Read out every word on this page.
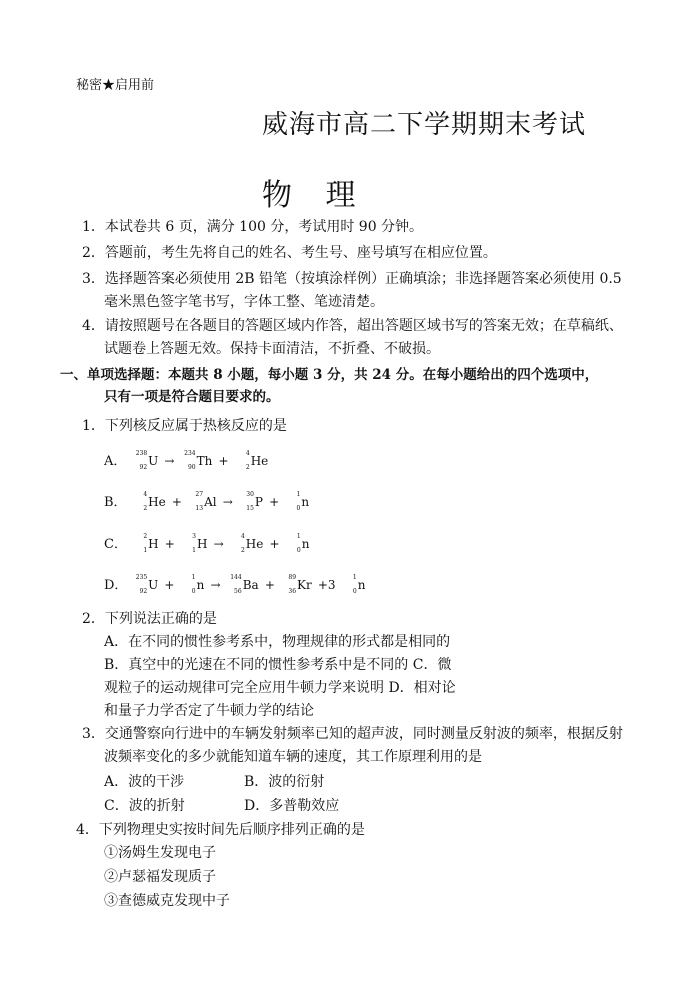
秘密★启用前
威海市高二下学期期末考试
物 理
1．本试卷共 6 页，满分 100 分，考试用时 90 分钟。
2．答题前，考生先将自己的姓名、考生号、座号填写在相应位置。
3．选择题答案必须使用 2B 铅笔（按填涂样例）正确填涂；非选择题答案必须使用 0.5
毫米黑色签字笔书写，字体工整、笔迹清楚。
4．请按照题号在各题目的答题区域内作答，超出答题区域书写的答案无效；在草稿纸、
试题卷上答题无效。保持卡面清洁，不折叠、不破损。
一、单项选择题：本题共 8 小题，每小题 3 分，共 24 分。在每小题给出的四个选项中，
只有一项是符合题目要求的。
1．下列核反应属于热核反应的是
A．
238
92 U →
234
90 Th +
4
2 He
B．
4
2 He +
27
13 Al →
30
15 P +
1
0 n
C．
2
1 H +
3
1 H →
4
2 He +
1
0 n
D．
235
92 U +
1
0 n →
144
56 Ba +
89
36 Kr +3
1
0 n
2．下列说法正确的是
A．在不同的惯性参考系中，物理规律的形式都是相同的
B．真空中的光速在不同的惯性参考系中是不同的 C．微
观粒子的运动规律可完全应用牛顿力学来说明 D．相对论
和量子力学否定了牛顿力学的结论
3．交通警察向行进中的车辆发射频率已知的超声波，同时测量反射波的频率，根据反射
波频率变化的多少就能知道车辆的速度，其工作原理利用的是
A．波的干涉	B．波的衍射
C．波的折射	D．多普勒效应
4．下列物理史实按时间先后顺序排列正确的是
①汤姆生发现电子
②卢瑟福发现质子
③查德威克发现中子
